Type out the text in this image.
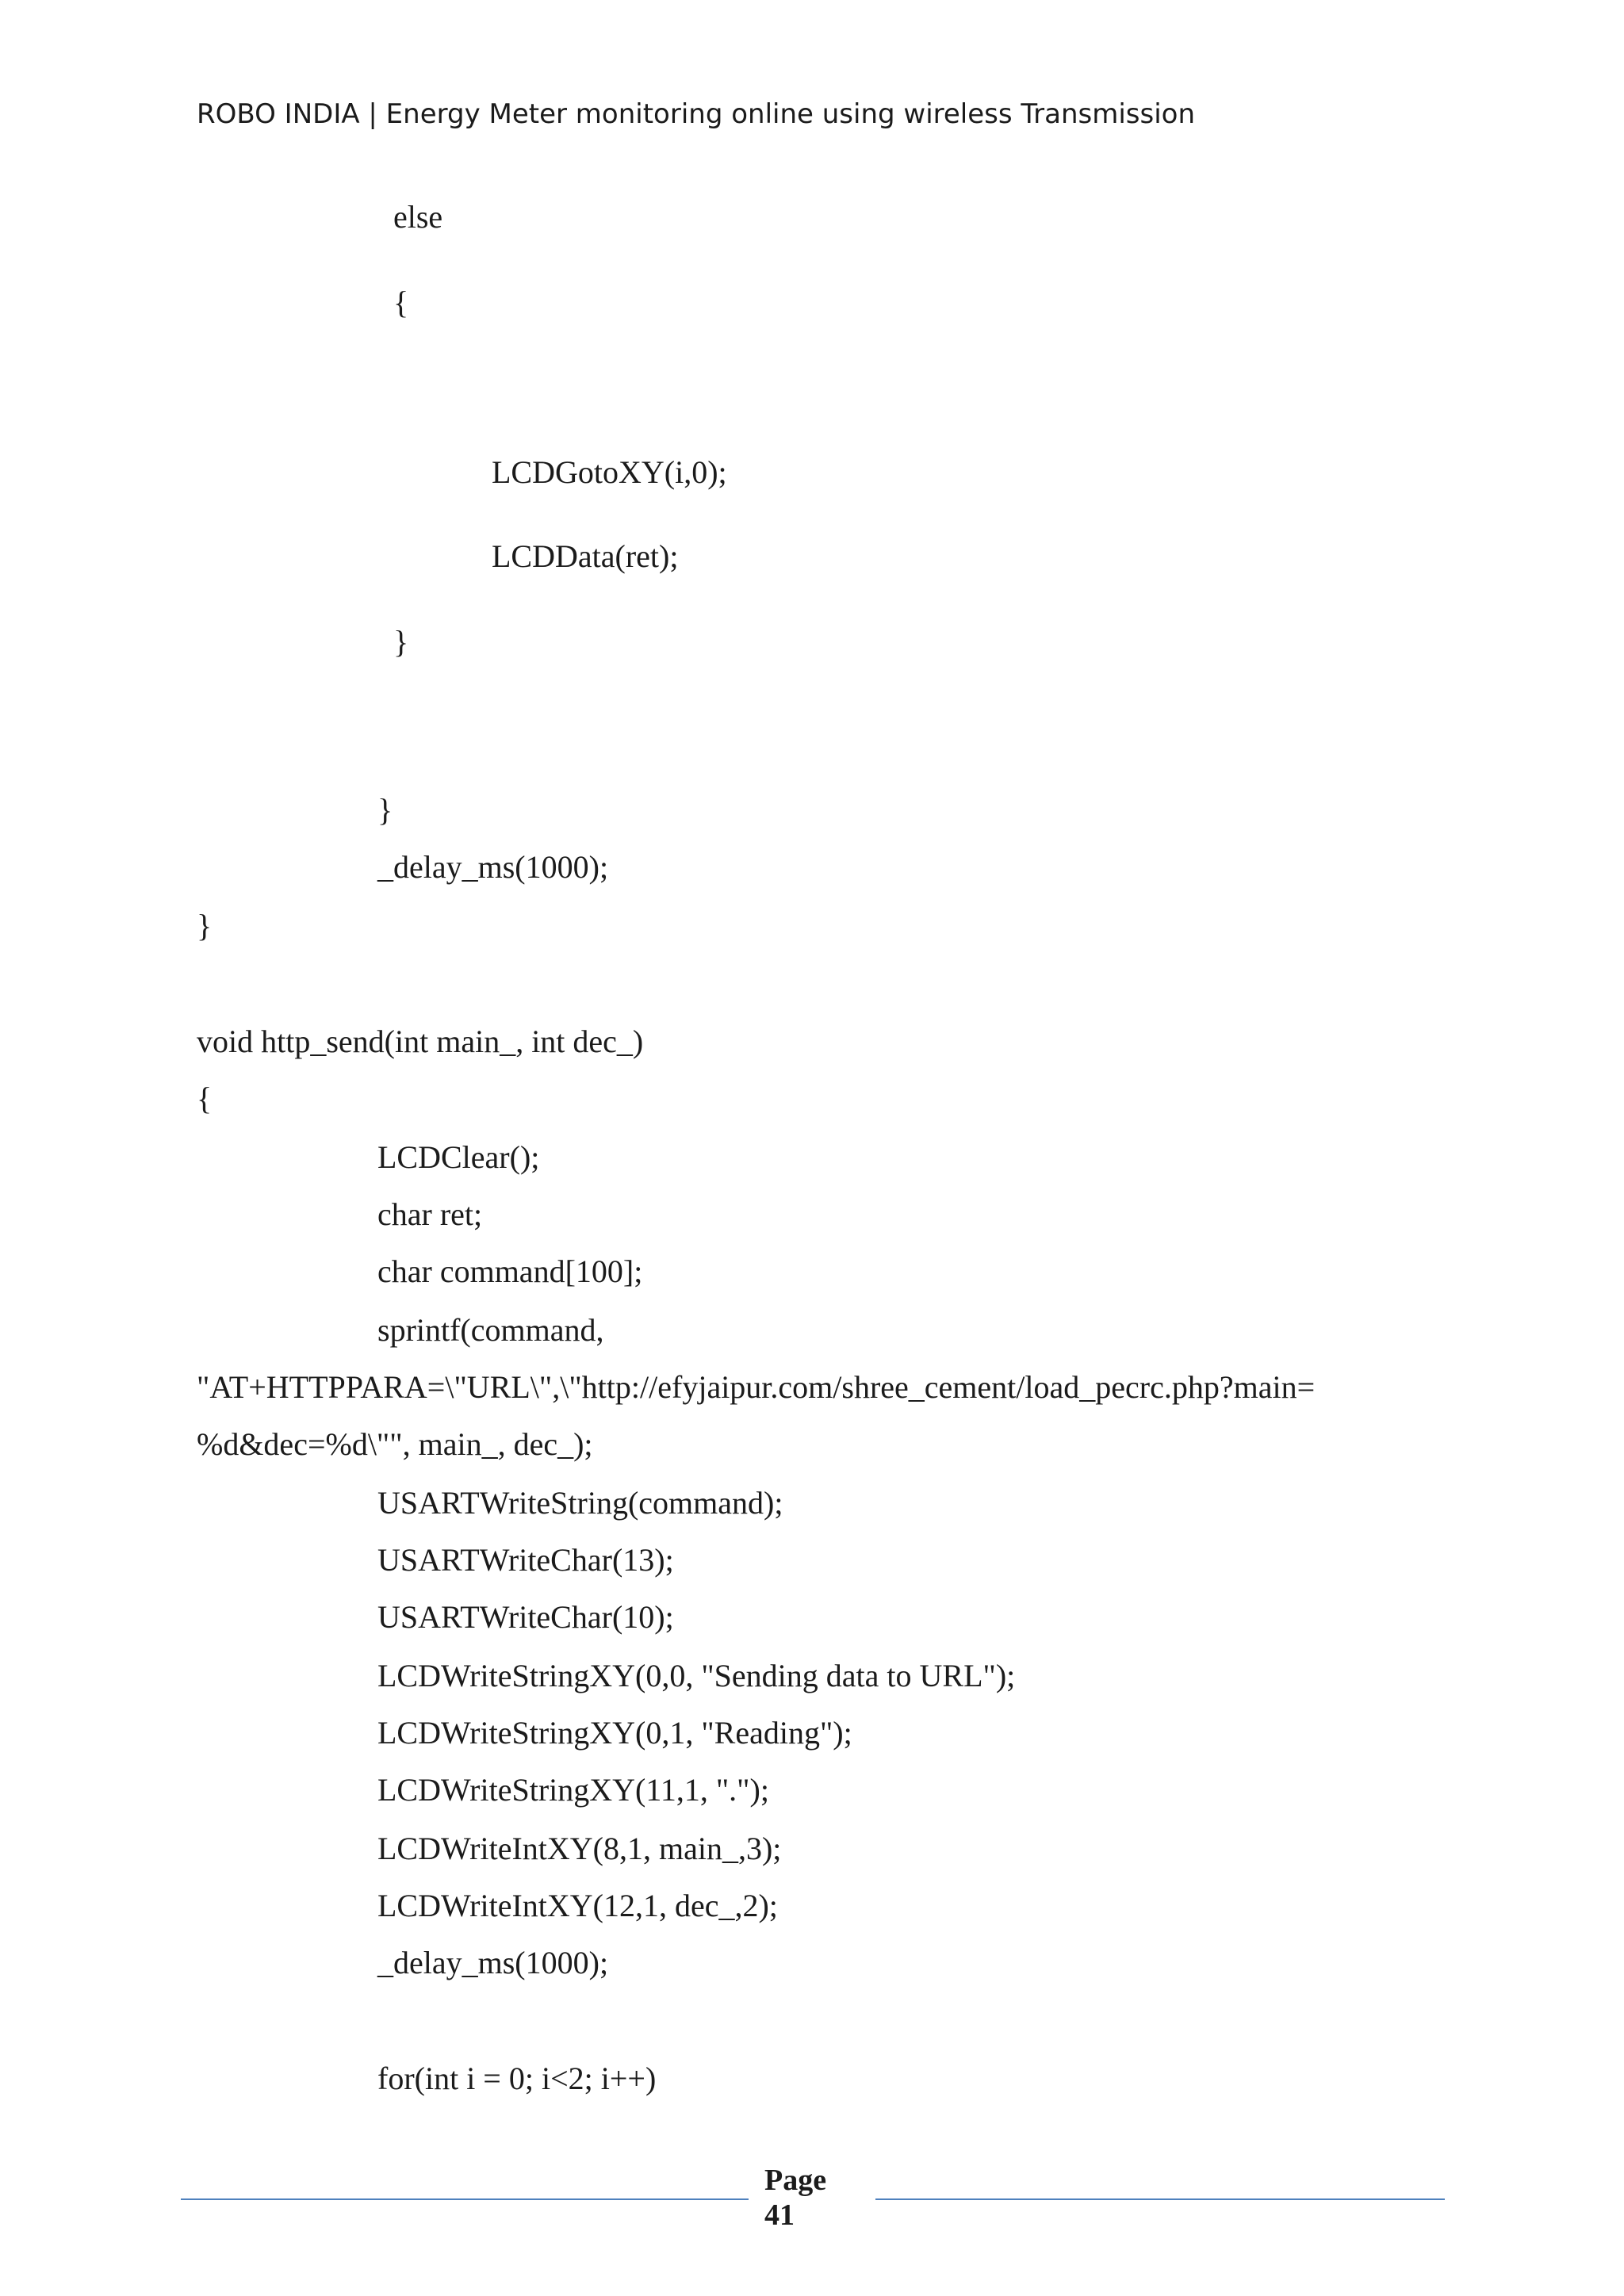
ROBO INDIA | Energy Meter monitoring online using wireless Transmission
else
{
LCDGotoXY(i,0);
LCDData(ret);
}
}
_delay_ms(1000);
}
void http_send(int main_, int dec_)
{
LCDClear();
char ret;
char command[100];
sprintf(command,
"AT+HTTPPARA=\"URL\",\"http://efyjaipur.com/shree_cement/load_pecrc.php?main=
%d&dec=%d\"", main_, dec_);
USARTWriteString(command);
USARTWriteChar(13);
USARTWriteChar(10);
LCDWriteStringXY(0,0, "Sending data to URL");
LCDWriteStringXY(0,1, "Reading");
LCDWriteStringXY(11,1, ".");
LCDWriteIntXY(8,1, main_,3);
LCDWriteIntXY(12,1, dec_,2);
_delay_ms(1000);
for(int i = 0; i<2; i++)
Page
41
